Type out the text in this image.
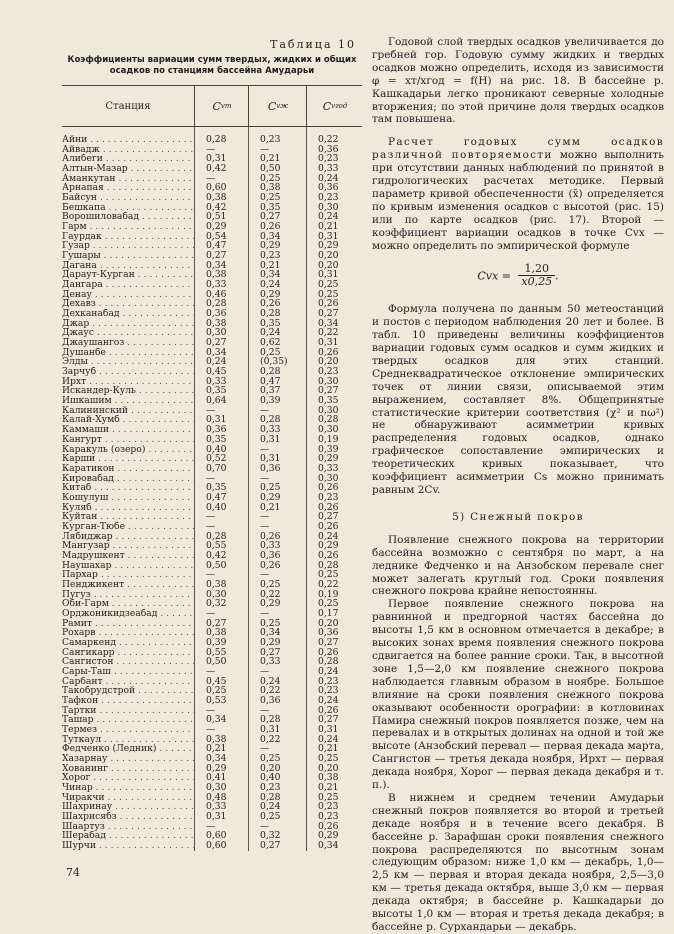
Таблица 10
Коэффициенты вариации сумм твердых, жидких и общих
осадков по станциям бассейна Амударьи
Станция	C vт	C vж	C vгод
Айни . . .	0,28	0,23	0,22
Айвадж . . .	—	—	0,36
Алибеги . . .	0,31	0,21	0,23
Алтын-Мазар . . .	0,42	0,50	0,33
Аманкутан . . .	—	0,25	0,24
Арнапая . . .	0,60	0,38	0,36
Байсун . . .	0,38	0,25	0,23
Бешкапа . . .	0,42	0,35	0,30
Ворошиловабад . . .	0,51	0,27	0,24
Гарм . . .	0,29	0,26	0,21
Гаурдак . . .	0,54	0,34	0,31
Гузар . . .	0,47	0,29	0,29
Гушары . . .	0,27	0,23	0,20
Дагана . . .	0,34	0,21	0,20
Дараут-Курган . . .	0,38	0,34	0,31
Дангара . . .	0,33	0,24	0,25
Денау . . .	0,46	0,29	0,25
Дехавз . . .	0,28	0,26	0,26
Дехканабад . . .	0,36	0,28	0,27
Джар . . .	0,38	0,35	0,34
Джаус . . .	0,30	0,24	0,22
Джаушангоз . . .	0,27	0,62	0,31
Душанбе . . .	0,34	0,25	0,26
Элды . . .	0,24	(0,35)	0,20
Зарчуб . . .	0,45	0,28	0,23
Ирхт . . .	0,33	0,47	0,30
Искандер-Куль . . .	0,35	0,37	0,27
Ишкашим . . .	0,64	0,39	0,35
Калининский . . .	—	—	0,30
Калай-Хумб . . .	0,31	0,28	0,28
Каммаши . . .	0,36	0,33	0,30
Кангурт . . .	0,35	0,31	0,19
Каракуль (озеро) . . .	0,40	—	0,39
Карши . . .	0,52	0,31	0,29
Каратикон . . .	0,70	0,36	0,33
Кировабад . . .	—	—	0,30
Китаб . . .	0,35	0,25	0,26
Кошулуш . . .	0,47	0,29	0,23
Куляб . . .	0,40	0,21	0,26
Куйтан . . .	—	—	0,27
Курган-Тюбе . . .	—	—	0,26
Лябиджар . . .	0,28	0,26	0,24
Мангузар . . .	0,55	0,33	0,29
Мадрушкент . . .	0,42	0,36	0,26
Наушахар . . .	0,50	0,26	0,28
Пархар . . .	—	—	0,25
Пенджикент . . .	0,38	0,25	0,22
Пугуз . . .	0,30	0,22	0,19
Оби-Гарм . . .	0,32	0,29	0,25
Орджоникидзеабад . . .	—	—	0,17
Рамит . . .	0,27	0,25	0,20
Рохарв . . .	0,38	0,34	0,36
Самаркенд . . .	0,39	0,29	0,27
Сангикарр . . .	0,55	0,27	0,26
Сангистон . . .	0,50	0,33	0,28
Сары-Таш . . .	—	—	0,24
Сарбант . . .	0,45	0,24	0,23
Такобрудстрой . . .	0,25	0,22	0,23
Тафкон . . .	0,53	0,36	0,24
Тартки . . .	—	—	0,26
Ташар . . .	0,34	0,28	0,27
Термез . . .	—	0,31	0,31
Туткаул . . .	0,38	0,22	0,24
Федченко (Ледник) . . .	0,21	—	0,21
Хазарнау . . .	0,34	0,25	0,25
Хованинг . . .	0,29	0,20	0,20
Хорог . . .	0,41	0,40	0,38
Чинар . . .	0,30	0,23	0,21
Чиракчи . . .	0,48	0,28	0,25
Шахринау . . .	0,33	0,24	0,23
Шахрисябз . . .	0,31	0,25	0,23
Шаартуз . . .	—	—	0,26
Шерабад . . .	0,60	0,32	0,29
Шурчи . . .	0,60	0,27	0,34
74

Годовой слой твердых осадков увеличивается до гребней гор. Годовую сумму жидких и твердых осадков можно определить, исходя из зависимости φ = xт/xгод = f(H) на рис. 18. В бассейне р. Кашкадарьи легко проникают северные холодные вторжения; по этой причине доля твердых осадков там повышена.

Расчет годовых сумм осадков различной повторяемости можно выполнить при отсутствии данных наблюдений по принятой в гидрологических расчетах методике. Первый параметр кривой обеспеченности (x̄) определяется по кривым изменения осадков с высотой (рис. 15) или по карте осадков (рис. 17). Второй — коэффициент вариации осадков в точке Cvx — можно определить по эмпирической формуле

Cvx = $\frac{1,20}{x0,25}$ .

Формула получена по данным 50 метеостанций и постов с периодом наблюдения 20 лет и более. В табл. 10 приведены величины коэффициентов вариации годовых сумм осадков и сумм жидких и твердых осадков для этих станций. Среднеквадратическое отклонение эмпирических точек от линии связи, описываемой этим выражением, составляет 8%. Общепринятые статистические критерии соответствия (χ² и nω²) не обнаруживают асимметрии кривых распределения годовых осадков, однако графическое сопоставление эмпирических и теоретических кривых показывает, что коэффициент асимметрии Cs можно принимать равным 2Cv.

5) Снежный покров

Появление снежного покрова на территории бассейна возможно с сентября по март, а на леднике Федченко и на Анзобском перевале снег может залегать круглый год. Сроки появления снежного покрова крайне непостоянны.

Первое появление снежного покрова на равнинной и предгорной частях бассейна до высоты 1,5 км в основном отмечается в декабре; в высоких зонах время появления снежного покрова сдвигается на более ранние сроки. Так, в высотной зоне 1,5—2,0 км появление снежного покрова наблюдается главным образом в ноябре. Большое влияние на сроки появления снежного покрова оказывают особенности орографии: в котловинах Памира снежный покров появляется позже, чем на перевалах и в открытых долинах на одной и той же высоте (Анзобский перевал — первая декада марта, Сангистон — третья декада ноября, Ирхт — первая декада ноября, Хорог — первая декада декабря и т. п.).

В нижнем и среднем течении Амударьи снежный покров появляется во второй и третьей декаде ноября и в течение всего декабря. В бассейне р. Зарафшан сроки появления снежного покрова распределяются по высотным зонам следующим образом: ниже 1,0 км — декабрь, 1,0—2,5 км — первая и вторая декада ноября, 2,5—3,0 км — третья декада октября, выше 3,0 км — первая декада октября; в бассейне р. Кашкадарьи до высоты 1,0 км — вторая и третья декада декабря; в бассейне р. Сурхандарьи — декабрь.
